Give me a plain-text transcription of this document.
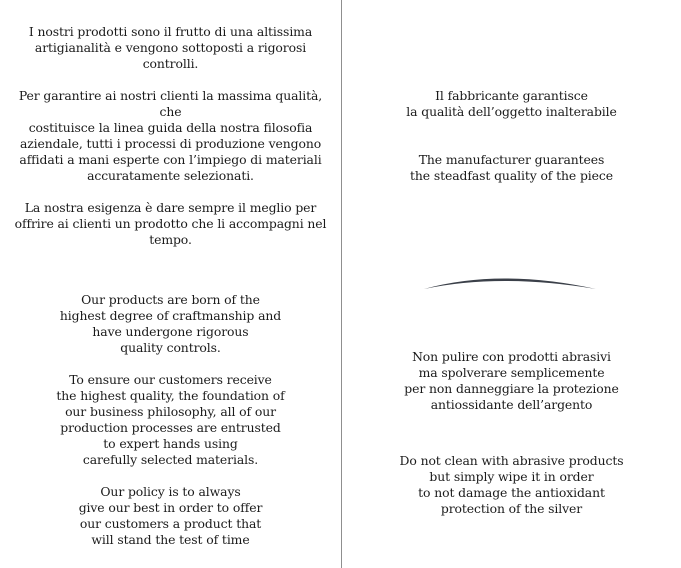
I nostri prodotti sono il frutto di una altissima
artigianalità e vengono sottoposti a rigorosi
controlli.

Per garantire ai nostri clienti la massima qualità, che
costituisce la linea guida della nostra filosofia
aziendale, tutti i processi di produzione vengono
affidati a mani esperte con l’impiego di materiali
accuratamente selezionati.

La nostra esigenza è dare sempre il meglio per
offrire ai clienti un prodotto che li accompagni nel
tempo.

Our products are born of the
highest degree of craftmanship and
have undergone rigorous
quality controls.

To ensure our customers receive
the highest quality, the foundation of
our business philosophy, all of our
production processes are entrusted
to expert hands using
carefully selected materials.

Our policy is to always
give our best in order to offer
our customers a product that
will stand the test of time

Il fabbricante garantisce
la qualità dell’oggetto inalterabile

The manufacturer guarantees
the steadfast quality of the piece

Non pulire con prodotti abrasivi
ma spolverare semplicemente
per non danneggiare la protezione
antiossidante dell’argento

Do not clean with abrasive products
but simply wipe it in order
to not damage the antioxidant
protection of the silver
